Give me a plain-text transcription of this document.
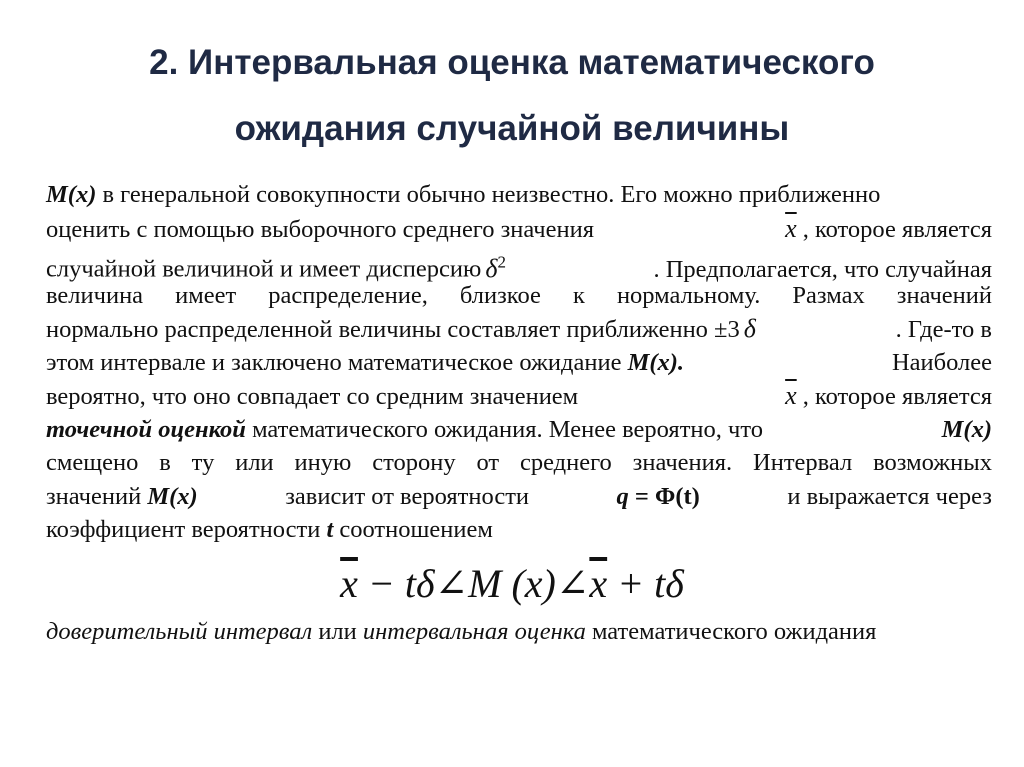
2. Интервальная оценка математического
ожидания случайной величины
M(x) в генеральной совокупности обычно неизвестно. Его можно приближенно
оценить с помощью выборочного среднего значения	$\overline{x}$ , которое является
случайной величиной и имеет дисперсию $\delta^2$	. Предполагается, что случайная
величина имеет распределение, близкое к нормальному. Размах значений
нормально распределенной величины составляет приближенно ±3 δ	. Где-то в
этом интервале и заключено математическое ожидание M(x).	Наиболее
вероятно, что оно совпадает со средним значением	$\overline{x}$ , которое является
точечной оценкой математического ожидания. Менее вероятно, что	M(x)
смещено в ту или иную сторону от среднего значения. Интервал возможных
значений M(x)	зависит от вероятности	q = Φ(t)	и выражается через
коэффициент вероятности t соотношением
$\overline{x}$ − tδ∠M $(x)\angle\overline{x} + t\delta$
доверительный интервал или интервальная оценка математического ожидания
